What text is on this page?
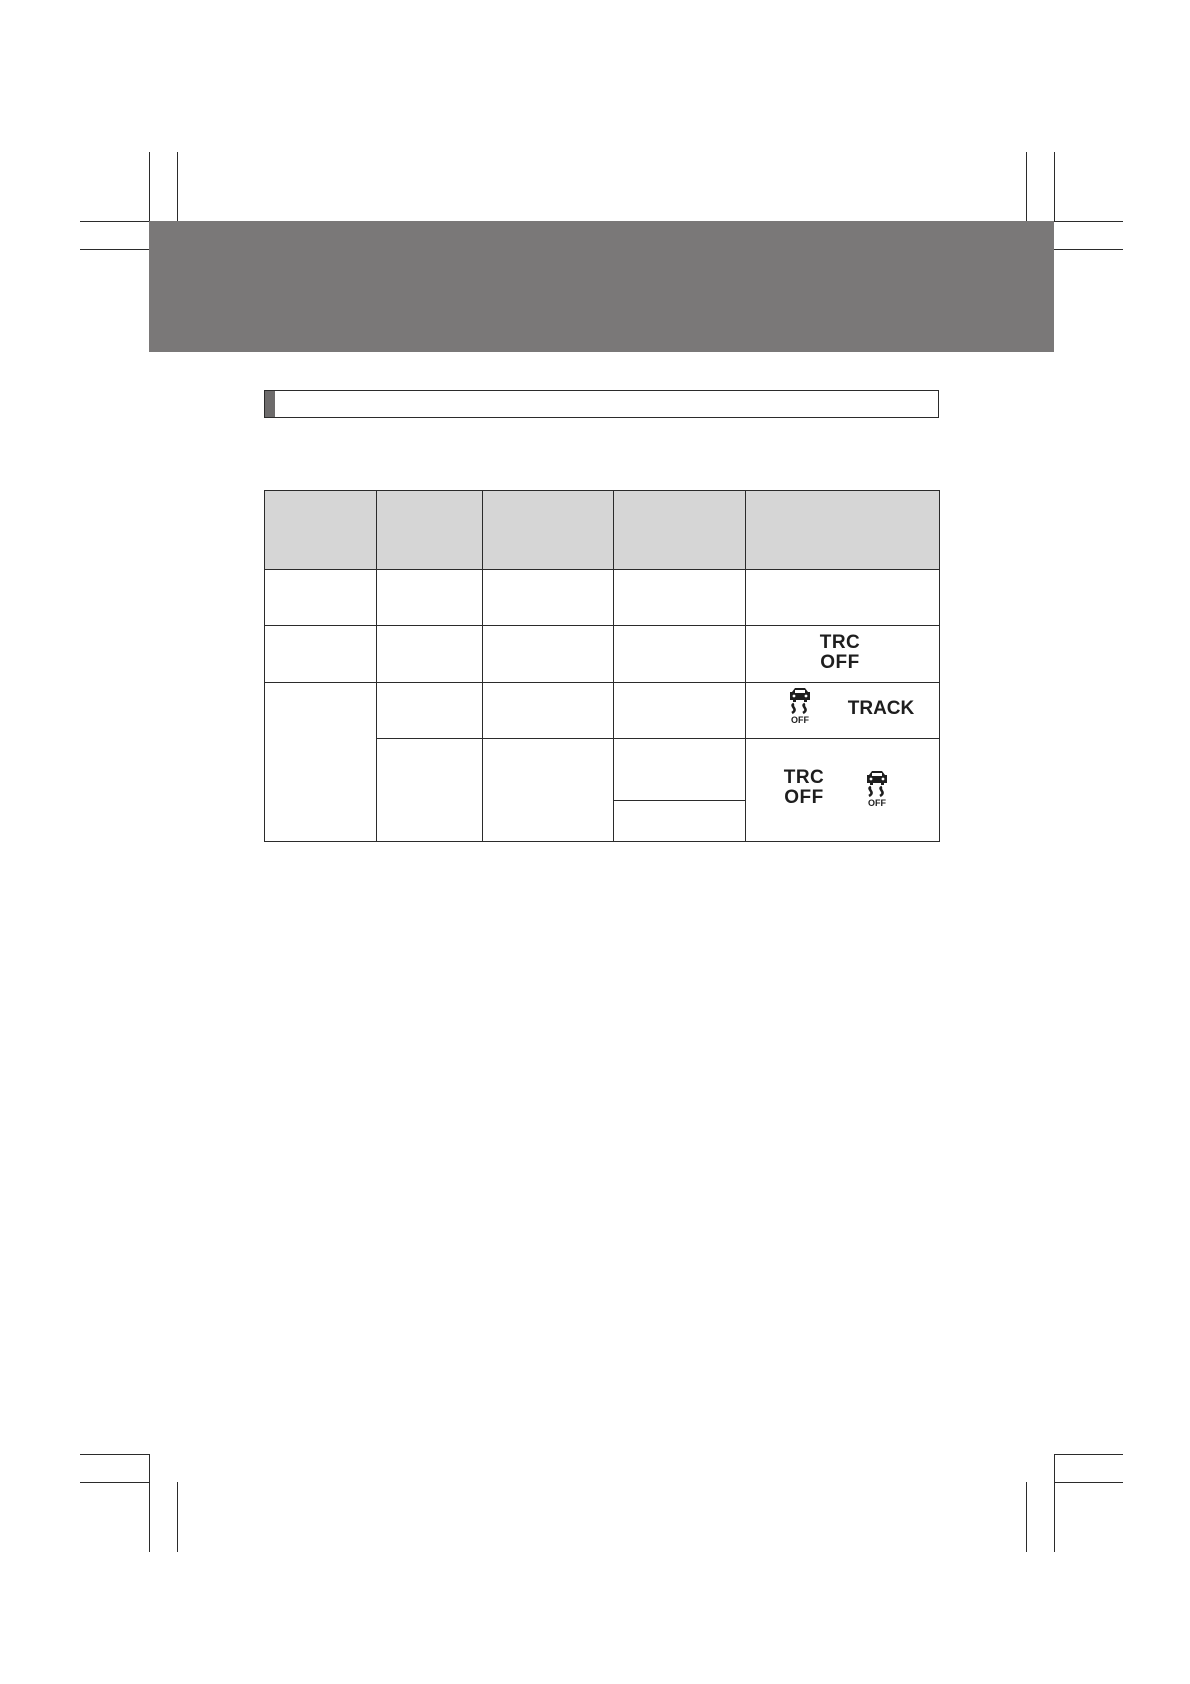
TRC
OFF
OFF
TRACK
TRC
OFF	OFF
